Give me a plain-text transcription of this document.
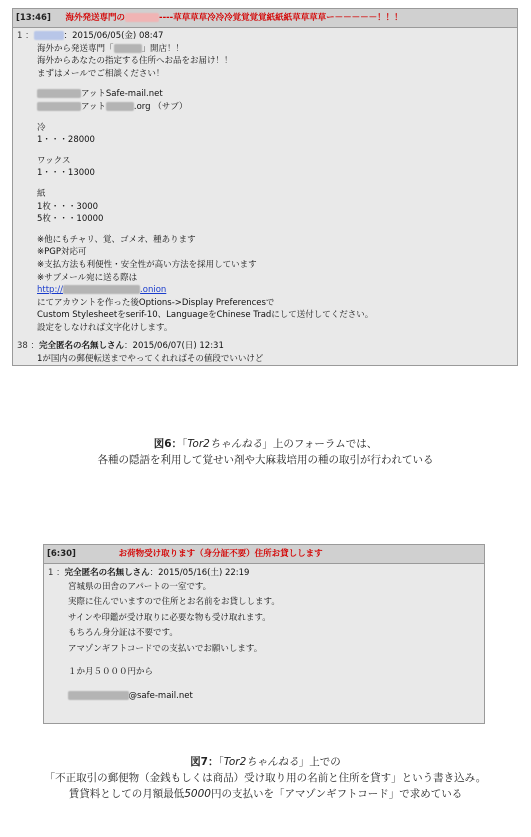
[13:46] 海外発送専門の	----草草草草冷冷冷覚覚覚覚紙紙紙草草草草ー－－－－－！！！
1 ：	：2015/06/05(金) 08:47
海外から発送専門「	」開店！！
海外からあなたの指定する住所へお品をお届け！！
まずはメールでご相談ください！
アットSafe-mail.net
アット	.org （サブ）
冷
1・・・28000
ワックス
1・・・13000
紙
1枚・・・3000
5枚・・・10000
※他にもチャリ、覚、ゴメオ、種あります
※PGP対応可
※支払方法も利便性・安全性が高い方法を採用しています
※サブメール宛に送る際は
http://	.onion
にてアカウントを作った後Options->Display Preferencesで
Custom Stylesheetをserif-10、LanguageをChinese Tradにして送付してください。
設定をしなければ文字化けします。
38 ：完全匿名の名無しさん：2015/06/07(日) 12:31
1が国内の郵便転送までやってくれればその値段でいいけど
図6：「Tor2ちゃんねる」上のフォーラムでは、
各種の隠語を利用して覚せい剤や大麻栽培用の種の取引が行われている
[6:30]	お荷物受け取ります（身分証不要）住所お貸しします
1 ：完全匿名の名無しさん：2015/05/16(土) 22:19
宮城県の田舎のアパートの一室です。
実際に住んでいますので住所とお名前をお貸しします。
サインや印鑑が受け取りに必要な物も受け取れます。
もちろん身分証は不要です。
アマゾンギフトコードでの支払いでお願いします。
１か月５０００円から
@safe-mail.net
図7：「Tor2ちゃんねる」上での
「不正取引の郵便物（金銭もしくは商品）受け取り用の名前と住所を貸す」という書き込み。
賃貸料としての月額最低5000円の支払いを「アマゾンギフトコード」で求めている
